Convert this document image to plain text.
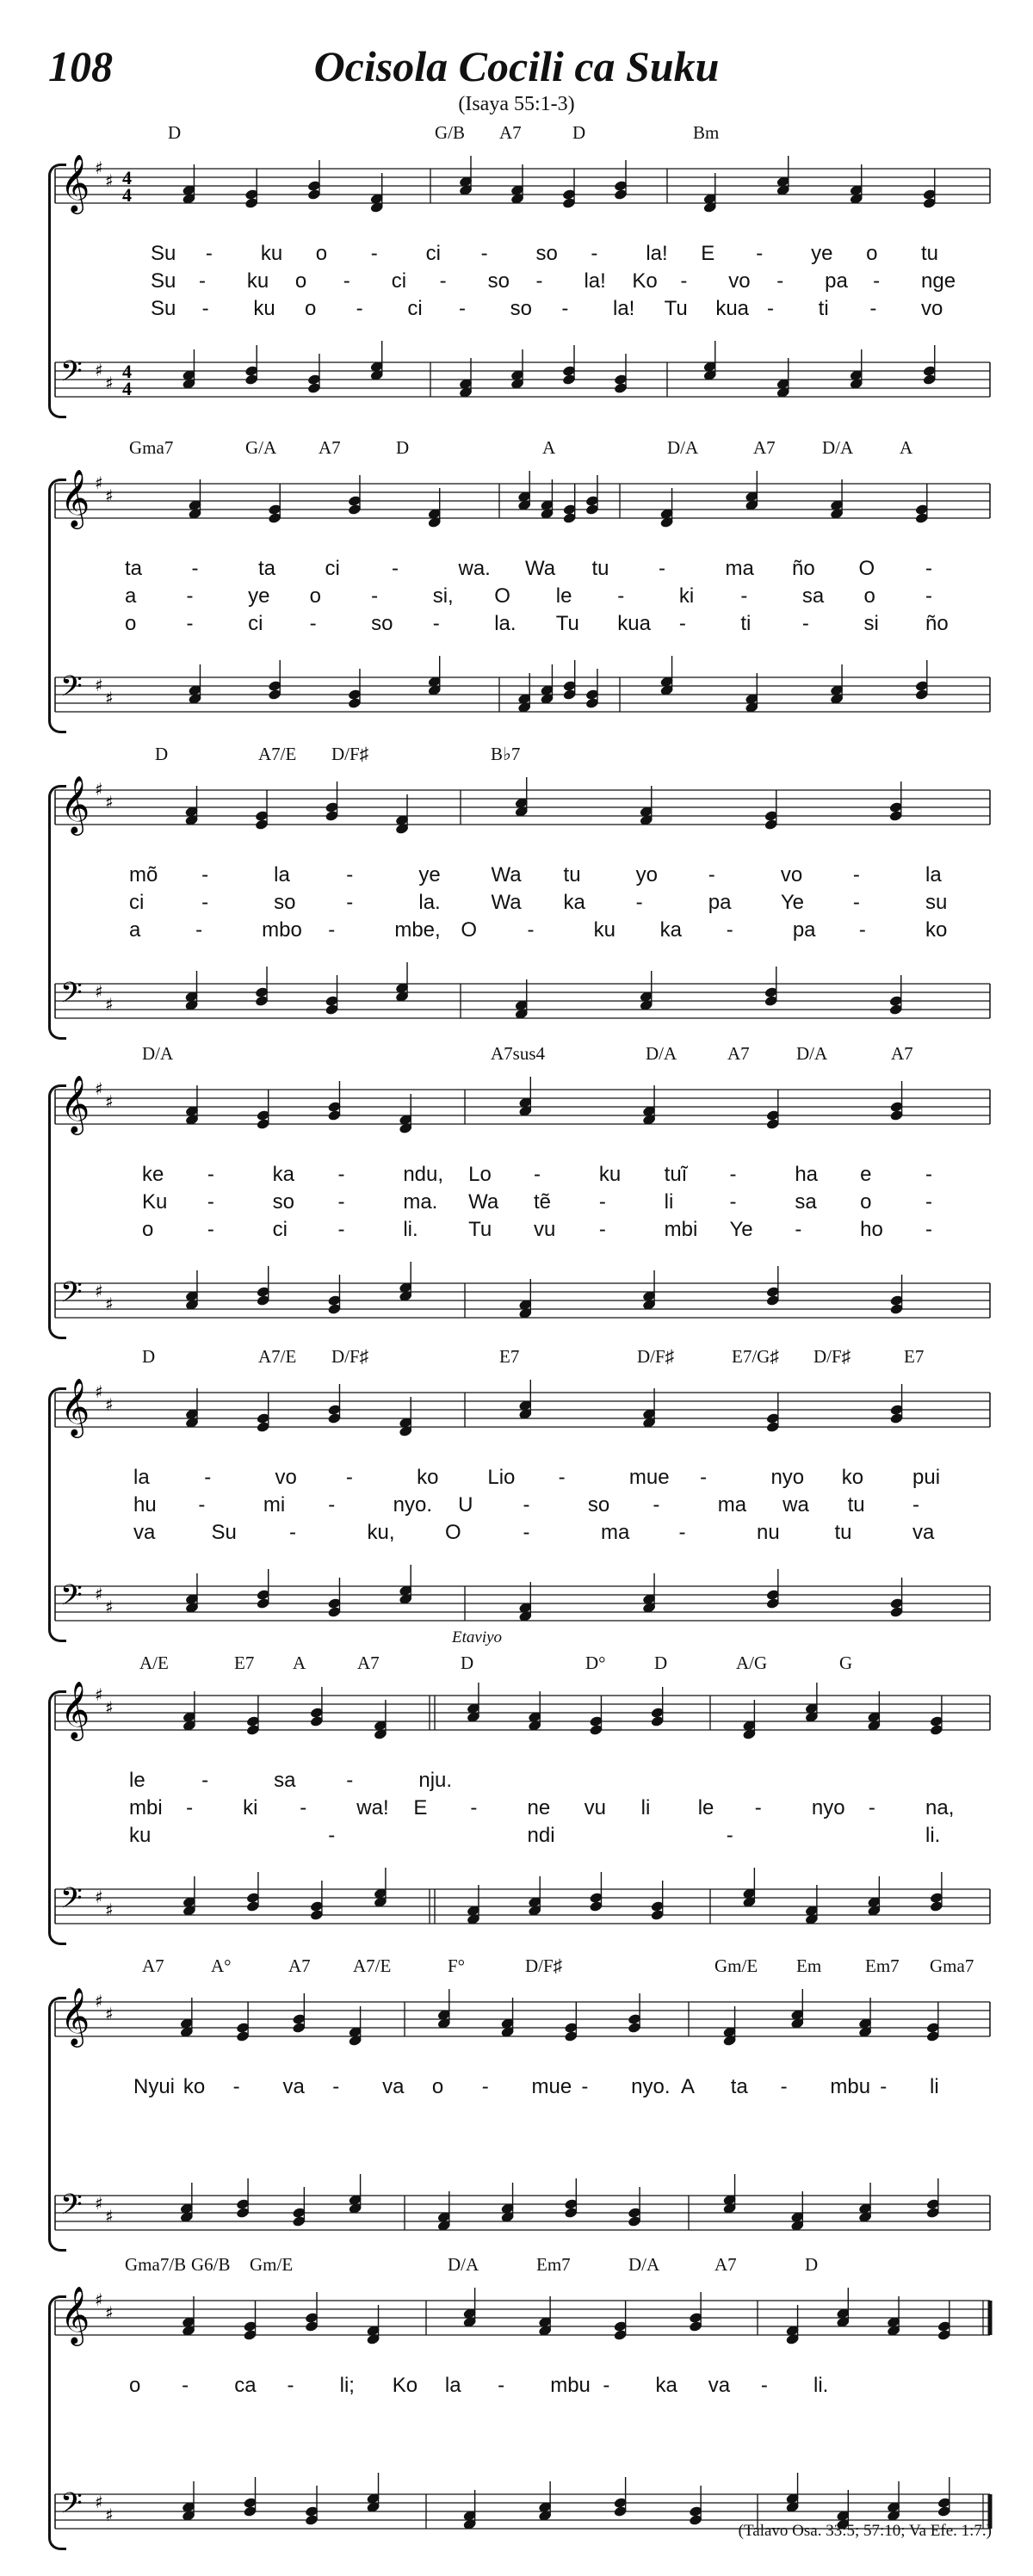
108	Ocisola Cocili ca Suku
(Isaya 55:1-3)
D	G/B A7	D	Bm
𝄞 ♯
♯ 4
4
𝄢 ♯
♯
4
4
Su - ku o - ci - so - la! E - ye o tu
Su - ku o - ci - so - la! Ko - vo - pa - nge
Su - ku o - ci - so - la! Tu kua - ti - vo
Gma7	G/A A7	D	A	D/A	A7	D/A	A
𝄞 ♯
♯
𝄢 ♯
♯
ta -	ta ci	-	wa. Wa tu -	ma ño O -
a -	ye o -	si, O le -	ki -	sa o -
o -	ci -	so -	la. Tu kua -	ti -	si ño
D	A7/E D/F♯	B♭7
𝄞 ♯
♯
𝄢 ♯
♯
mõ -	la	-	ye Wa tu	yo -	vo -	la
ci	-	so -	la. Wa ka -	pa Ye -	su
a	-	mbo -	mbe, O -	ku ka -	pa -	ko
D/A	A7sus4	D/A	A7	D/A	A7
𝄞 ♯
♯
𝄢 ♯
♯
ke -	ka -	ndu, Lo -	ku tuĩ -	ha e	-
Ku -	so -	ma. Wa tẽ -	li	-	sa o	-
o	-	ci -	li. Tu vu -	mbi Ye -	ho -
D	A7/E D/F♯	E7	D/F♯	E7/G♯ D/F♯	E7
𝄞 ♯
♯
𝄢 ♯
♯
la	-	vo -	ko Lio -	mue -	nyo ko pui
hu -	mi -	nyo. U -	so -	ma wa tu -
va	Su	-	ku, O	-	ma -	nu	tu	va
Etaviyo
A/E	E7 A	A7	D	D°	D	A/G	G
𝄞 ♯
♯
𝄢 ♯
♯
le	-	sa -	nju.
mbi - ki - wa! E - ne vu li le - nyo - na,
ku	-	ndi	-	li.
A7	A°	A7 A7/E	F°	D/F♯	Gm/E Em Em7 Gma7
𝄞 ♯
♯
𝄢 ♯
♯
Nyui ko - va - va o - mue - nyo. A ta - mbu - li
Gma7/B G6/B Gm/E	D/A	Em7	D/A	A7	D
𝄞 ♯
♯
𝄢 ♯
♯
o - ca - li; Ko la - mbu - ka va - li.
(Talavo Osa. 33:5; 57:10; Va Efe. 1:7.)
